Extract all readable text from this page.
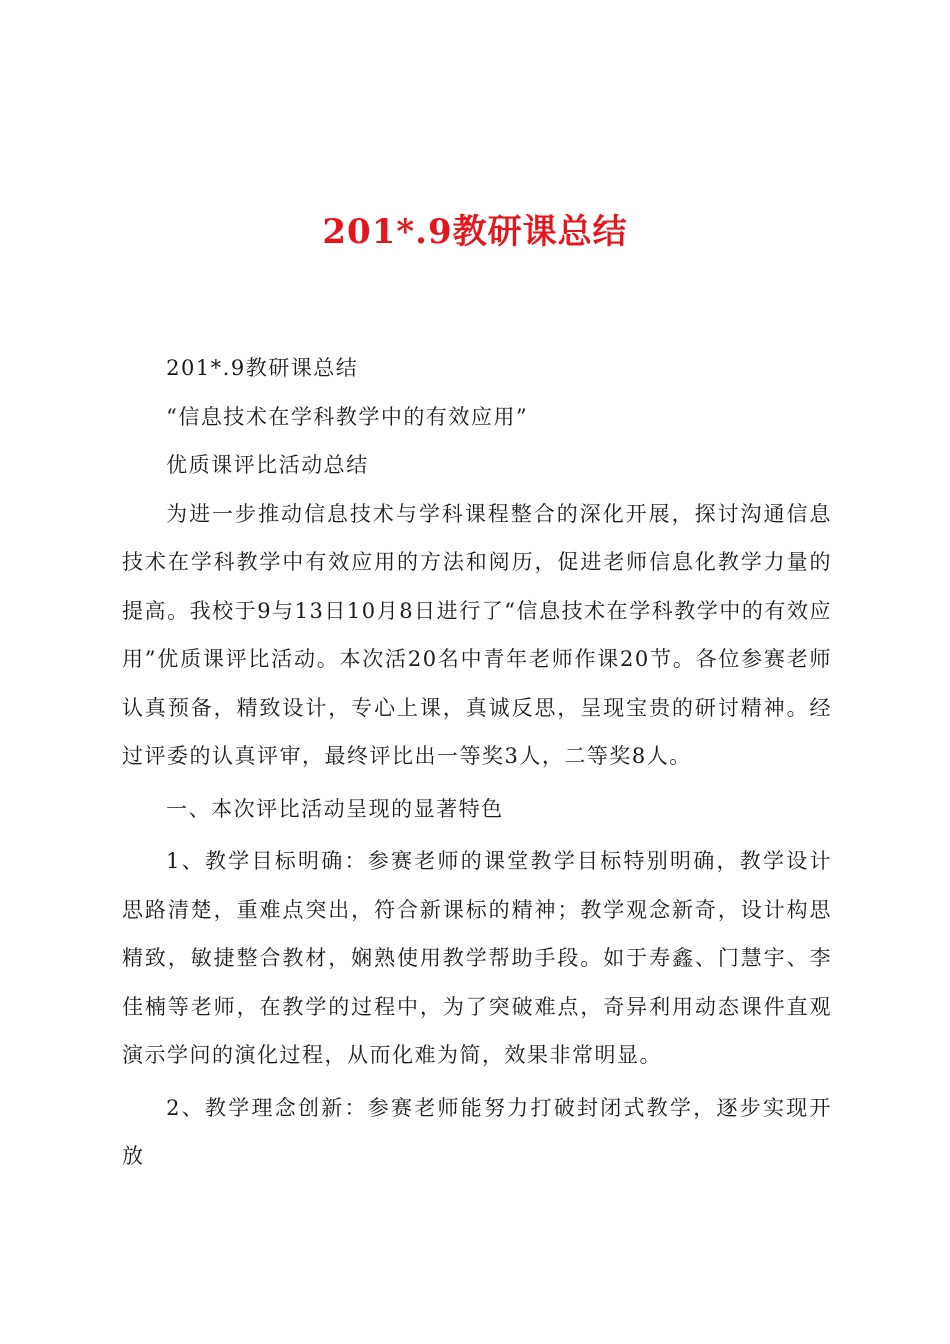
201*.9教研课总结

201*.9教研课总结

“信息技术在学科教学中的有效应用”

优质课评比活动总结

为进一步推动信息技术与学科课程整合的深化开展，探讨沟通信息技术在学科教学中有效应用的方法和阅历，促进老师信息化教学力量的提高。我校于9与13日10月8日进行了“信息技术在学科教学中的有效应用”优质课评比活动。本次活20名中青年老师作课20节。各位参赛老师认真预备，精致设计，专心上课，真诚反思，呈现宝贵的研讨精神。经过评委的认真评审，最终评比出一等奖3人，二等奖8人。

一、本次评比活动呈现的显著特色

1、教学目标明确：参赛老师的课堂教学目标特别明确，教学设计思路清楚，重难点突出，符合新课标的精神；教学观念新奇，设计构思精致，敏捷整合教材，娴熟使用教学帮助手段。如于寿鑫、门慧宇、李佳楠等老师，在教学的过程中，为了突破难点，奇异利用动态课件直观演示学问的演化过程，从而化难为简，效果非常明显。

2、教学理念创新：参赛老师能努力打破封闭式教学，逐步实现开放
